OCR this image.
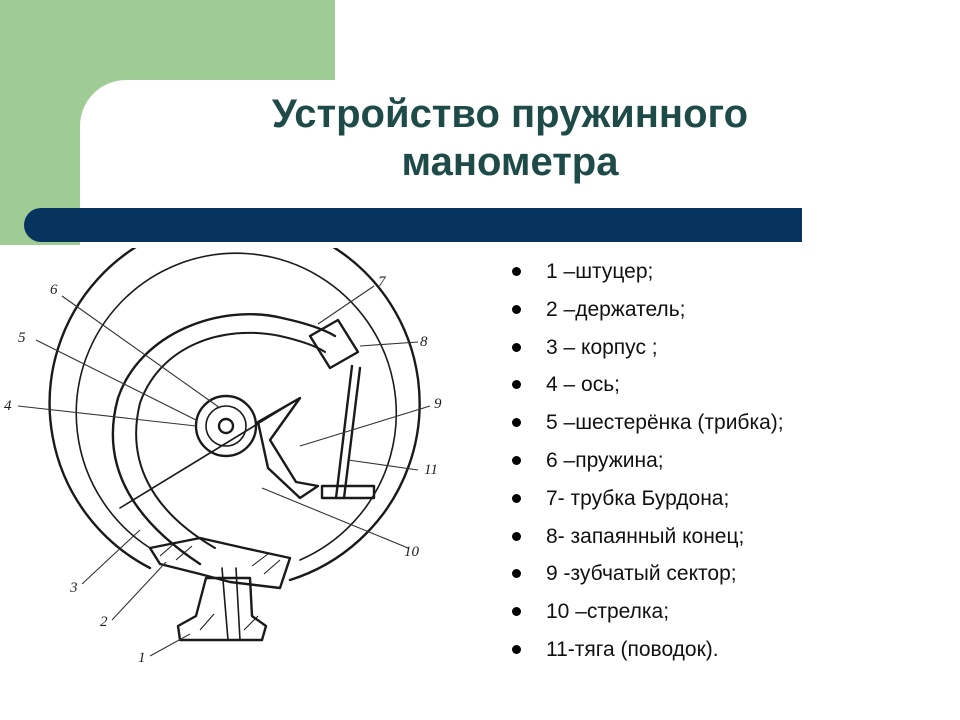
Устройство пружинного
манометра
6
5
4
7
8
9
11
10
3
2
1
1 –штуцер;
2 –держатель;
3 – корпус ;
4 – ось;
5 –шестерёнка (трибка);
6 –пружина;
7- трубка Бурдона;
8- запаянный конец;
9 -зубчатый сектор;
10 –стрелка;
11-тяга (поводок).
